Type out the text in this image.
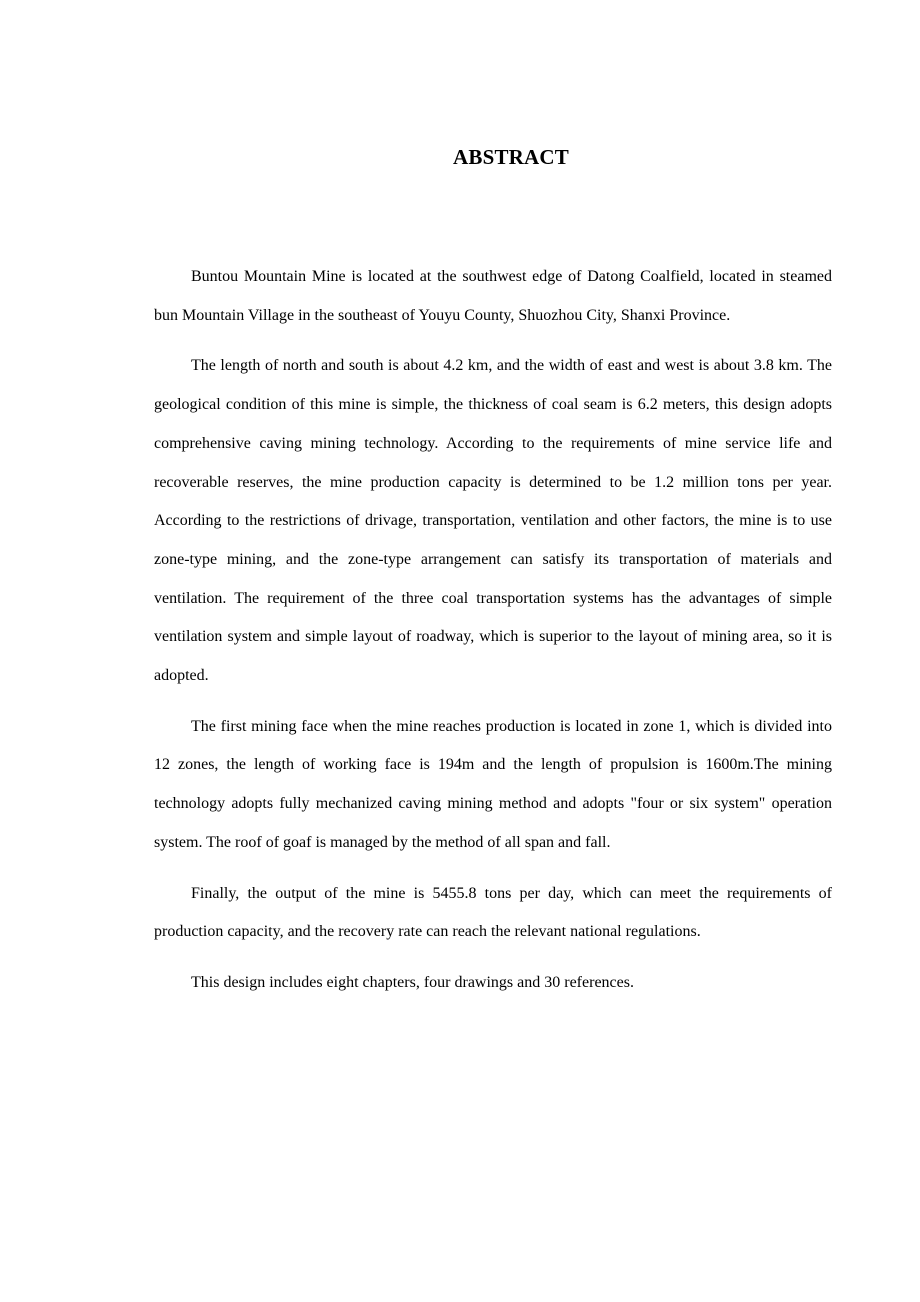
ABSTRACT

Buntou Mountain Mine is located at the southwest edge of Datong Coalfield, located in steamed bun Mountain Village in the southeast of Youyu County, Shuozhou City, Shanxi Province.

The length of north and south is about 4.2 km, and the width of east and west is about 3.8 km. The geological condition of this mine is simple, the thickness of coal seam is 6.2 meters, this design adopts comprehensive caving mining technology. According to the requirements of mine service life and recoverable reserves, the mine production capacity is determined to be 1.2 million tons per year. According to the restrictions of drivage, transportation, ventilation and other factors, the mine is to use zone-type mining, and the zone-type arrangement can satisfy its transportation of materials and ventilation. The requirement of the three coal transportation systems has the advantages of simple ventilation system and simple layout of roadway, which is superior to the layout of mining area, so it is adopted.

The first mining face when the mine reaches production is located in zone 1, which is divided into 12 zones, the length of working face is 194m and the length of propulsion is 1600m.The mining technology adopts fully mechanized caving mining method and adopts "four or six system" operation system. The roof of goaf is managed by the method of all span and fall.

Finally, the output of the mine is 5455.8 tons per day, which can meet the requirements of production capacity, and the recovery rate can reach the relevant national regulations.

This design includes eight chapters, four drawings and 30 references.
